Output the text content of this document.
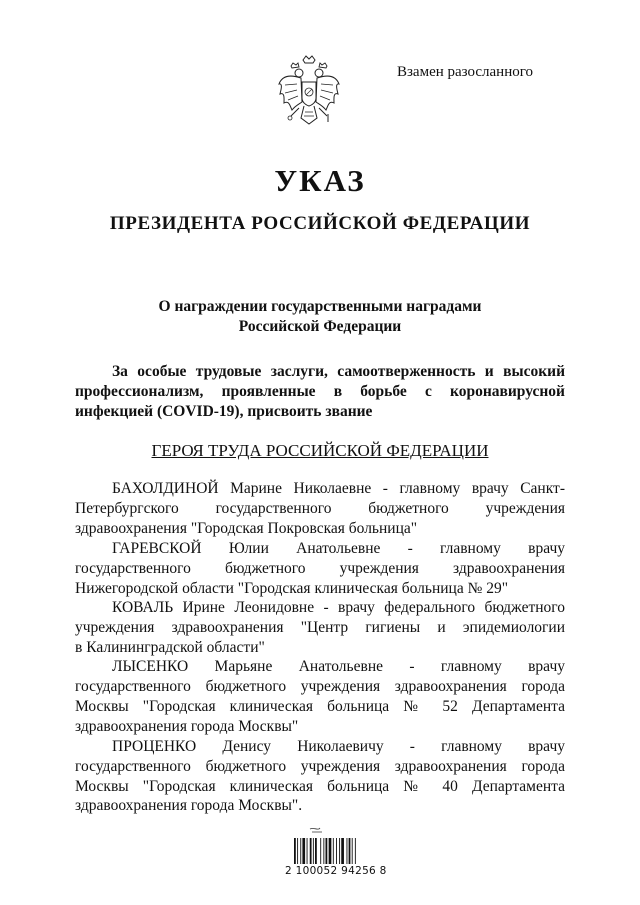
Взамен разосланного
УКАЗ
ПРЕЗИДЕНТА РОССИЙСКОЙ ФЕДЕРАЦИИ
О награждении государственными наградами
Российской Федерации
За особые трудовые заслуги, самоотверженность и высокий
профессионализм, проявленные в борьбе с коронавирусной
инфекцией (COVID-19), присвоить звание
ГЕРОЯ ТРУДА РОССИЙСКОЙ ФЕДЕРАЦИИ
БАХОЛДИНОЙ Марине Николаевне - главному врачу Санкт-
Петербургского государственного бюджетного учреждения
здравоохранения "Городская Покровская больница"
ГАРЕВСКОЙ Юлии Анатольевне - главному врачу
государственного бюджетного учреждения здравоохранения
Нижегородской области "Городская клиническая больница № 29"
КОВАЛЬ Ирине Леонидовне - врачу федерального бюджетного
учреждения здравоохранения "Центр гигиены и эпидемиологии
в Калининградской области"
ЛЫСЕНКО Марьяне Анатольевне - главному врачу
государственного бюджетного учреждения здравоохранения города
Москвы "Городская клиническая больница № 52 Департамента
здравоохранения города Москвы"
ПРОЦЕНКО Денису Николаевичу - главному врачу
государственного бюджетного учреждения здравоохранения города
Москвы "Городская клиническая больница № 40 Департамента
здравоохранения города Москвы".
2 100052 94256 8
